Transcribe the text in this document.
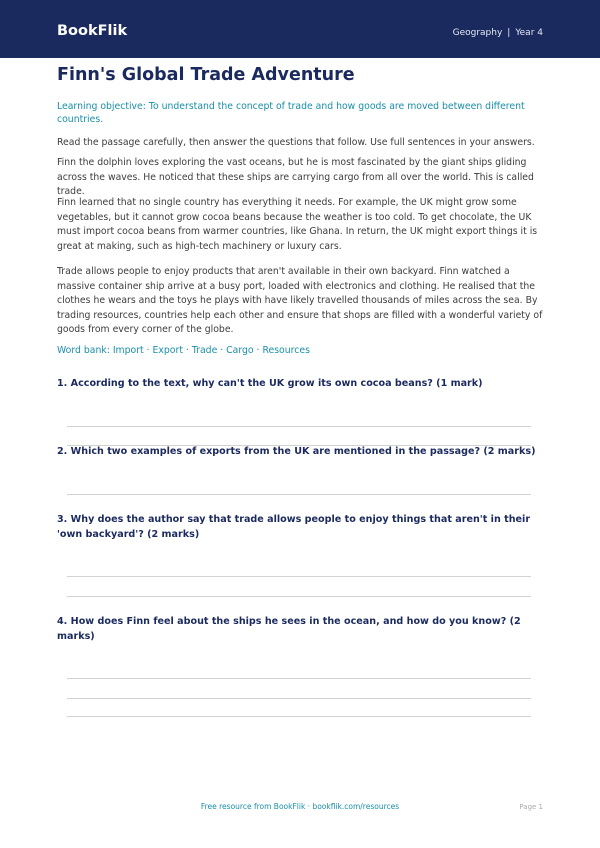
BookFlik	Geography | Year 4
Finn's Global Trade Adventure
Learning objective: To understand the concept of trade and how goods are moved between different countries.
Read the passage carefully, then answer the questions that follow. Use full sentences in your answers.
Finn the dolphin loves exploring the vast oceans, but he is most fascinated by the giant ships gliding across the waves. He noticed that these ships are carrying cargo from all over the world. This is called trade.
Finn learned that no single country has everything it needs. For example, the UK might grow some vegetables, but it cannot grow cocoa beans because the weather is too cold. To get chocolate, the UK must import cocoa beans from warmer countries, like Ghana. In return, the UK might export things it is great at making, such as high-tech machinery or luxury cars.
Trade allows people to enjoy products that aren't available in their own backyard. Finn watched a massive container ship arrive at a busy port, loaded with electronics and clothing. He realised that the clothes he wears and the toys he plays with have likely travelled thousands of miles across the sea. By trading resources, countries help each other and ensure that shops are filled with a wonderful variety of goods from every corner of the globe.
Word bank: Import · Export · Trade · Cargo · Resources
1. According to the text, why can't the UK grow its own cocoa beans? (1 mark)
2. Which two examples of exports from the UK are mentioned in the passage? (2 marks)
3. Why does the author say that trade allows people to enjoy things that aren't in their 'own backyard'? (2 marks)
4. How does Finn feel about the ships he sees in the ocean, and how do you know? (2 marks)
Free resource from BookFlik · bookflik.com/resources	Page 1
